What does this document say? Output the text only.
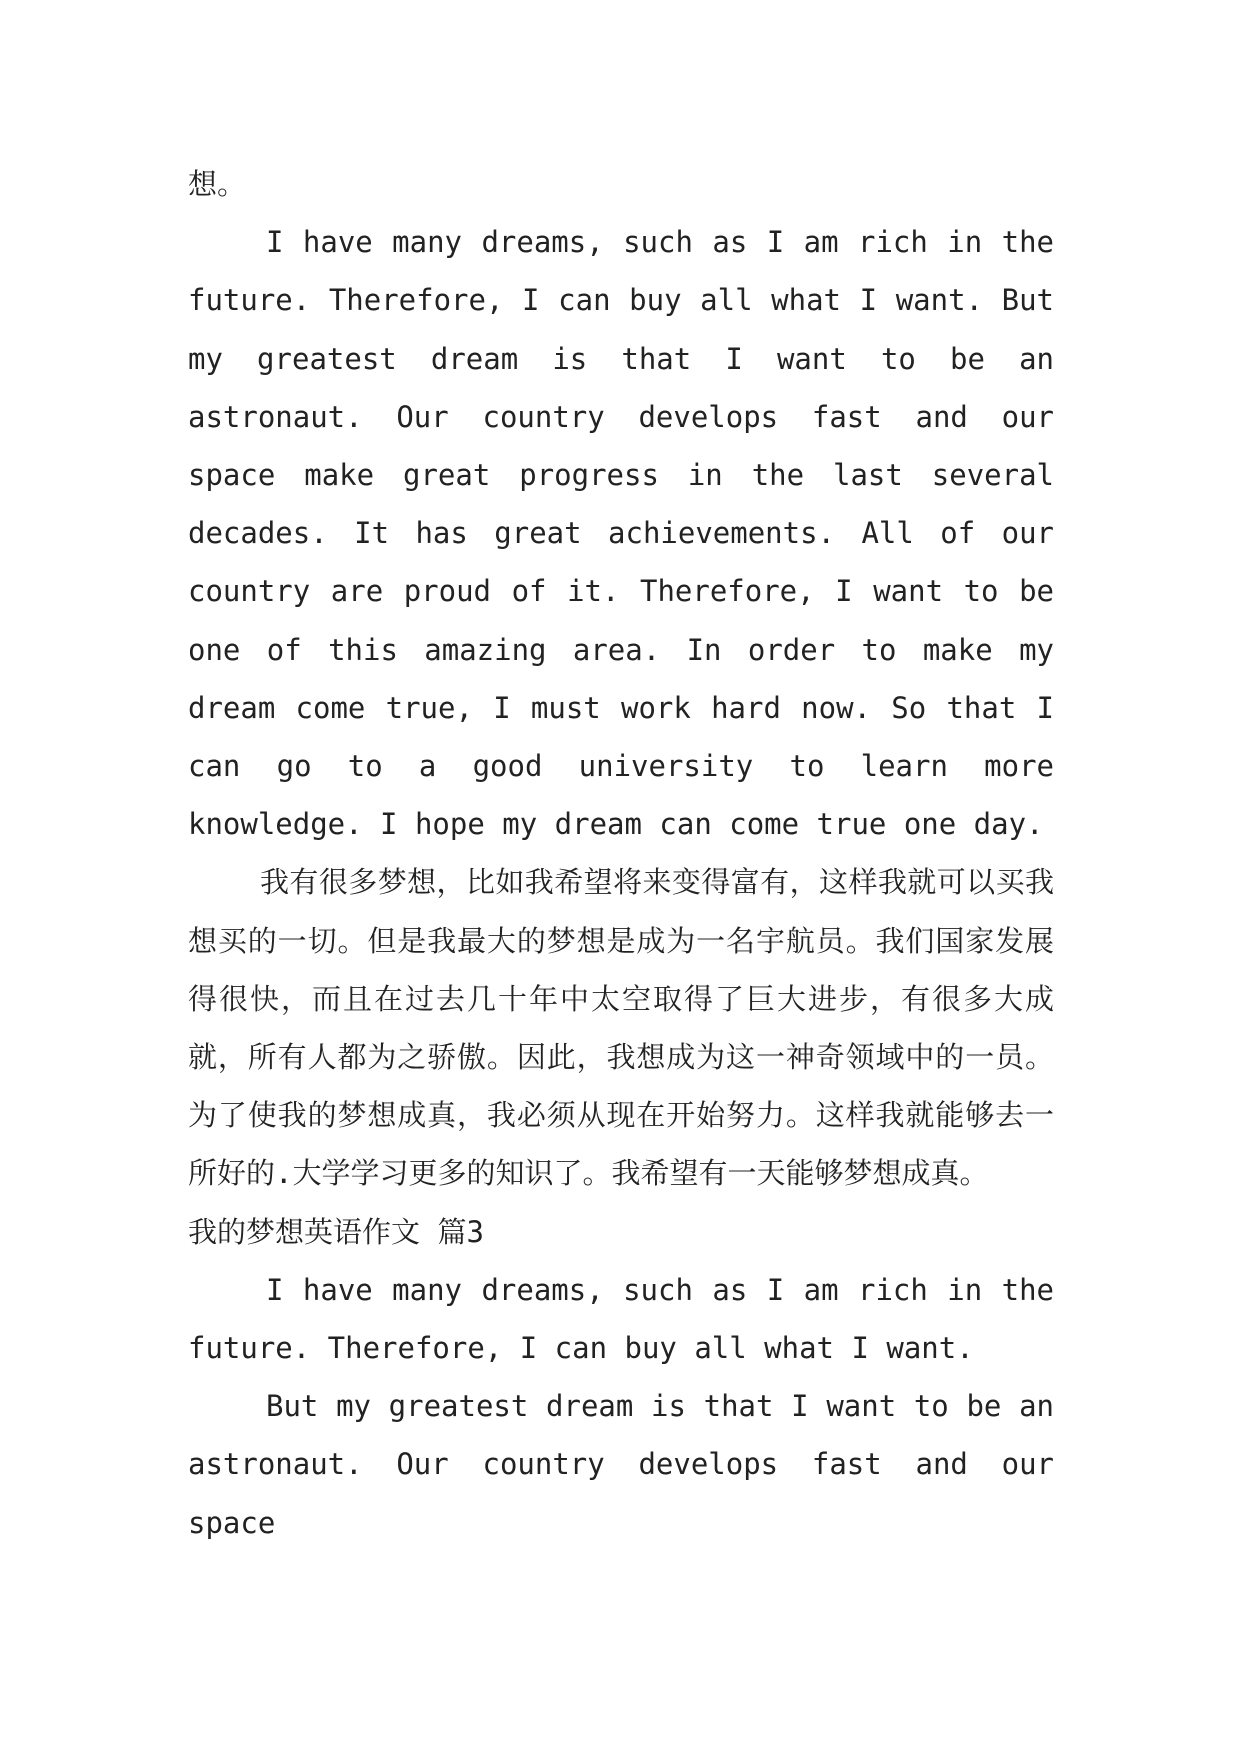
想。

I have many dreams, such as I am rich in the future. Therefore, I can buy all what I want. But my greatest dream is that I want to be an astronaut. Our country develops fast and our space make great progress in the last several decades. It has great achievements. All of our country are proud of it. Therefore, I want to be one of this amazing area. In order to make my dream come true, I must work hard now. So that I can go to a good university to learn more knowledge. I hope my dream can come true one day.

我有很多梦想，比如我希望将来变得富有，这样我就可以买我想买的一切。但是我最大的梦想是成为一名宇航员。我们国家发展得很快，而且在过去几十年中太空取得了巨大进步，有很多大成就，所有人都为之骄傲。因此，我想成为这一神奇领域中的一员。为了使我的梦想成真，我必须从现在开始努力。这样我就能够去一所好的.大学学习更多的知识了。我希望有一天能够梦想成真。

我的梦想英语作文 篇3

I have many dreams, such as I am rich in the future. Therefore, I can buy all what I want.

But my greatest dream is that I want to be an astronaut. Our country develops fast and our space
